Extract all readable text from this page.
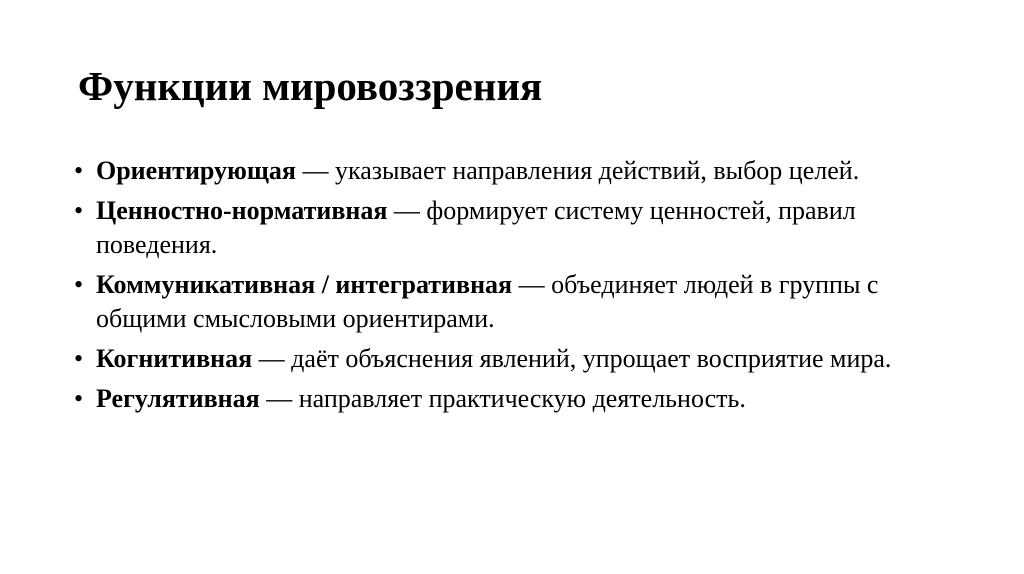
Функции мировоззрения
• Ориентирующая — указывает направления действий, выбор целей.
• Ценностно-нормативная — формирует систему ценностей, правил поведения.
• Коммуникативная / интегративная — объединяет людей в группы с общими смысловыми ориентирами.
• Когнитивная — даёт объяснения явлений, упрощает восприятие мира.
• Регулятивная — направляет практическую деятельность.
